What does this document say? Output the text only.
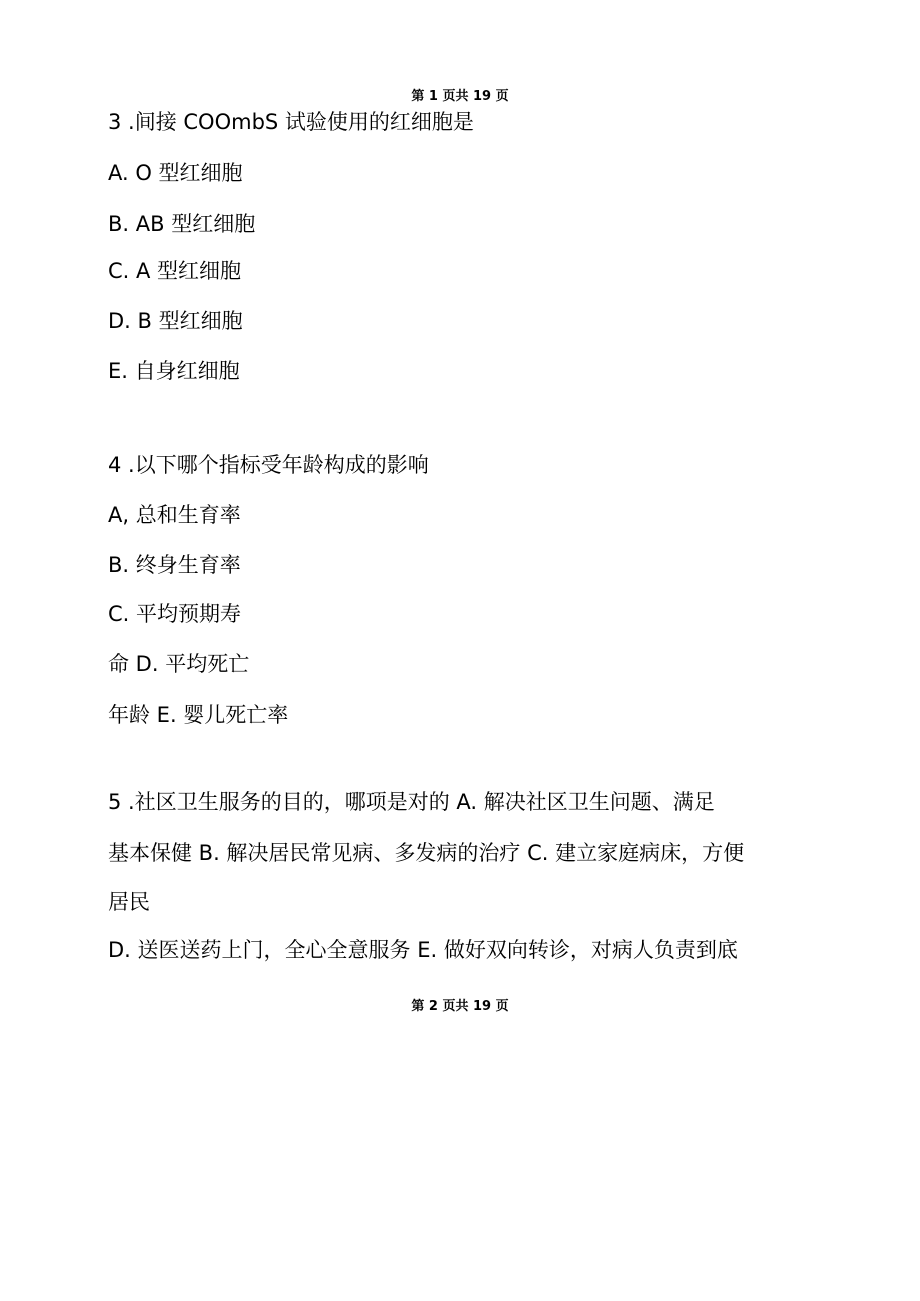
第 1 页共 19 页
3 .间接 COOmbS 试验使用的红细胞是
A. O 型红细胞
B. AB 型红细胞
C. A 型红细胞
D. B 型红细胞
E. 自身红细胞
4 .以下哪个指标受年龄构成的影响
A, 总和生育率
B. 终身生育率
C. 平均预期寿
命 D. 平均死亡
年龄 E. 婴儿死亡率
5 .社区卫生服务的目的，哪项是对的 A. 解决社区卫生问题、满足
基本保健 B. 解决居民常见病、多发病的治疗 C. 建立家庭病床，方便
居民
D. 送医送药上门，全心全意服务 E. 做好双向转诊，对病人负责到底
第 2 页共 19 页
